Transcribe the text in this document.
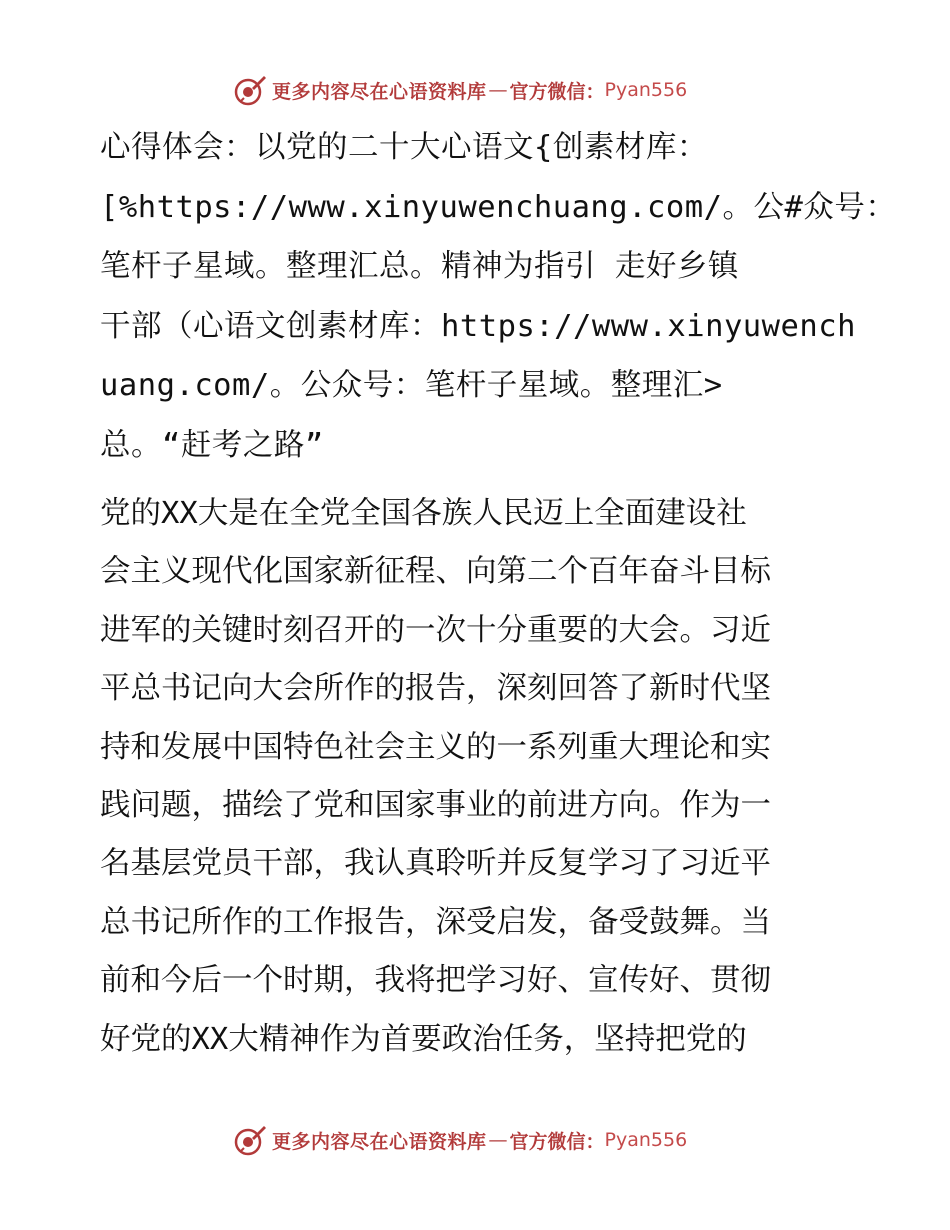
更多内容尽在心语资料库 — 官方微信： Pyan556
心得体会：以党的二十大心语文{创素材库：
[%https://www.xinyuwenchuang.com/。公#众号：
笔杆子星域。整理汇总。精神为指引 走好乡镇
干部（心语文创素材库：https://www.xinyuwench
uang.com/。公众号：笔杆子星域。整理汇>
总。“赶考之路”
党的XX大是在全党全国各族人民迈上全面建设社
会主义现代化国家新征程、向第二个百年奋斗目标
进军的关键时刻召开的一次十分重要的大会。习近
平总书记向大会所作的报告，深刻回答了新时代坚
持和发展中国特色社会主义的一系列重大理论和实
践问题，描绘了党和国家事业的前进方向。作为一
名基层党员干部，我认真聆听并反复学习了习近平
总书记所作的工作报告，深受启发，备受鼓舞。当
前和今后一个时期，我将把学习好、宣传好、贯彻
好党的XX大精神作为首要政治任务，坚持把党的
更多内容尽在心语资料库 — 官方微信： Pyan556
